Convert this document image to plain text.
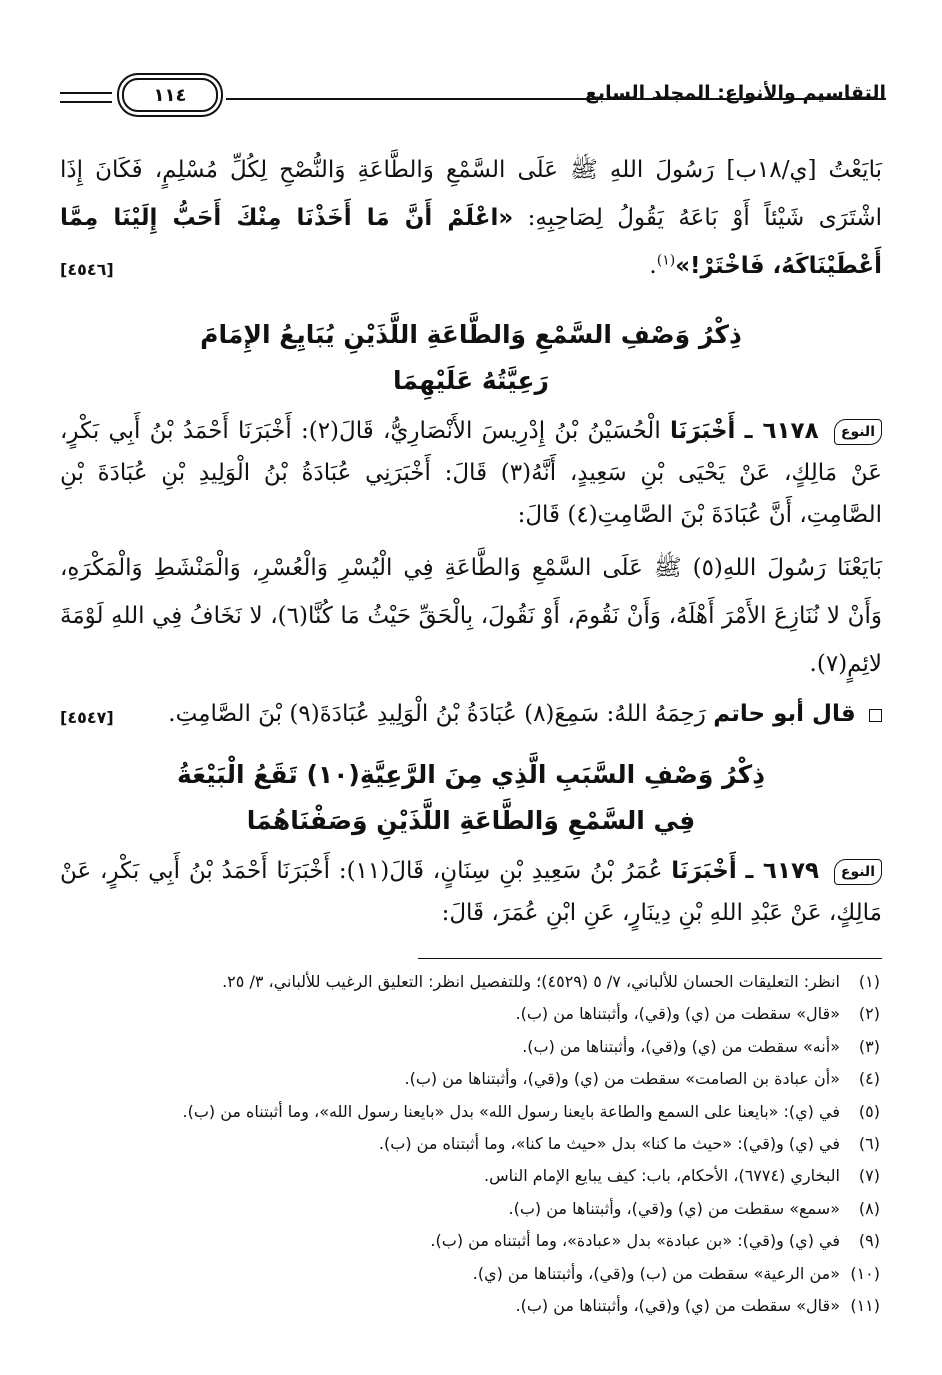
التقاسيم والأنواع: المجلد السابع
١١٤

بَايَعْتُ [ي/١٨ب] رَسُولَ اللهِ ﷺ عَلَى السَّمْعِ وَالطَّاعَةِ وَالنُّصْحِ لِكُلِّ مُسْلِمٍ، فَكَانَ إِذَا اشْتَرَى شَيْئاً أَوْ بَاعَهُ يَقُولُ لِصَاحِبِهِ: «اعْلَمْ أَنَّ مَا أَخَذْنَا مِنْكَ أَحَبُّ إِلَيْنَا مِمَّا أَعْطَيْنَاكَهُ، فَاخْتَرْ!»$^{(١)}$.
[٤٥٤٦]

ذِكْرُ وَصْفِ السَّمْعِ وَالطَّاعَةِ اللَّذَيْنِ يُبَايِعُ الإِمَامَ
رَعِيَّتُهُ عَلَيْهِمَا

النوع ٦١٧٨ ـ أَخْبَرَنَا الْحُسَيْنُ بْنُ إِدْرِيسَ الأَنْصَارِيُّ، قَالَ(٢): أَخْبَرَنَا أَحْمَدُ بْنُ أَبِي بَكْرٍ، عَنْ مَالِكٍ، عَنْ يَحْيَى بْنِ سَعِيدٍ، أَنَّهُ(٣) قَالَ: أَخْبَرَنِي عُبَادَةُ بْنُ الْوَلِيدِ بْنِ عُبَادَةَ بْنِ الصَّامِتِ، أَنَّ عُبَادَةَ بْنَ الصَّامِتِ(٤) قَالَ:

بَايَعْنَا رَسُولَ اللهِ(٥) ﷺ عَلَى السَّمْعِ وَالطَّاعَةِ فِي الْيُسْرِ وَالْعُسْرِ، وَالْمَنْشَطِ وَالْمَكْرَهِ، وَأَنْ لا نُنَازِعَ الأَمْرَ أَهْلَهُ، وَأَنْ نَقُومَ، أَوْ نَقُولَ، بِالْحَقِّ حَيْثُ مَا كُنَّا(٦)، لا نَخَافُ فِي اللهِ لَوْمَةَ لائِمٍ(٧).

قال أبو حاتم رَحِمَهُ اللهُ: سَمِعَ(٨) عُبَادَةُ بْنُ الْوَلِيدِ عُبَادَةَ(٩) بْنَ الصَّامِتِ.
[٤٥٤٧]

ذِكْرُ وَصْفِ السَّبَبِ الَّذِي مِنَ الرَّعِيَّةِ(١٠) تَقَعُ الْبَيْعَةُ
فِي السَّمْعِ وَالطَّاعَةِ اللَّذَيْنِ وَصَفْنَاهُمَا

النوع ٦١٧٩ ـ أَخْبَرَنَا عُمَرُ بْنُ سَعِيدِ بْنِ سِنَانٍ، قَالَ(١١): أَخْبَرَنَا أَحْمَدُ بْنُ أَبِي بَكْرٍ، عَنْ مَالِكٍ، عَنْ عَبْدِ اللهِ بْنِ دِينَارٍ، عَنِ ابْنِ عُمَرَ، قَالَ:

(١)انظر: التعليقات الحسان للألباني، ٧/ ٥ (٤٥٢٩)؛ وللتفصيل انظر: التعليق الرغيب للألباني، ٣/ ٢٥.
(٢)«قال» سقطت من (ي) و(قي)، وأثبتناها من (ب).
(٣)«أنه» سقطت من (ي) و(قي)، وأثبتناها من (ب).
(٤)«أن عبادة بن الصامت» سقطت من (ي) و(قي)، وأثبتناها من (ب).
(٥)في (ي): «بايعنا على السمع والطاعة بايعنا رسول الله» بدل «بايعنا رسول الله»، وما أثبتناه من (ب).
(٦)في (ي) و(قي): «حيث ما كنا» بدل «حيث ما كنا»، وما أثبتناه من (ب).
(٧)البخاري (٦٧٧٤)، الأحكام، باب: كيف يبايع الإمام الناس.
(٨)«سمع» سقطت من (ي) و(قي)، وأثبتناها من (ب).
(٩)في (ي) و(قي): «بن عبادة» بدل «عبادة»، وما أثبتناه من (ب).
(١٠)«من الرعية» سقطت من (ب) و(قي)، وأثبتناها من (ي).
(١١)«قال» سقطت من (ي) و(قي)، وأثبتناها من (ب).
